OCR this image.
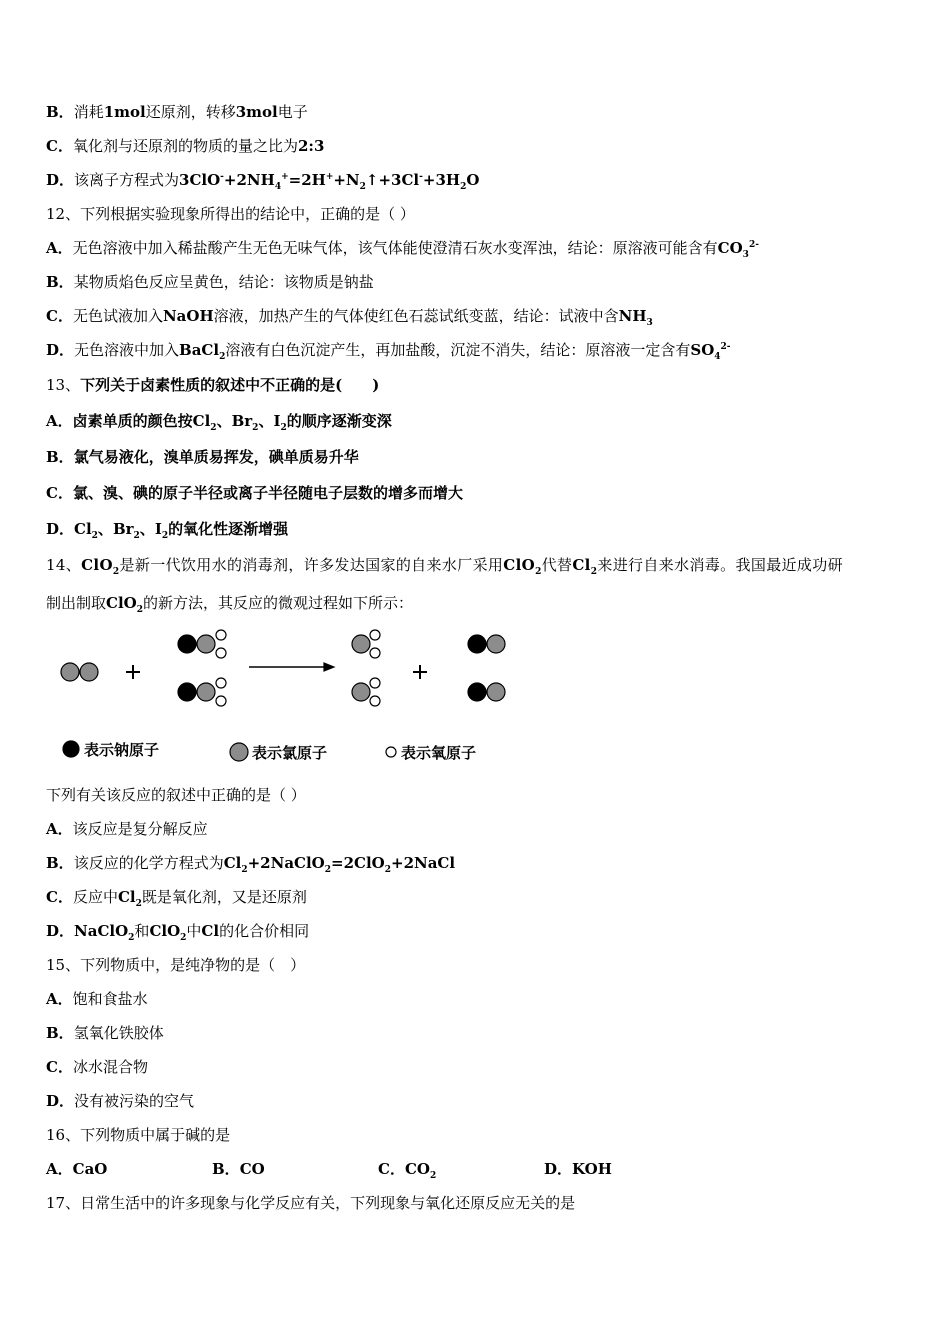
B．消耗1mol还原剂，转移3mol电子
C．氧化剂与还原剂的物质的量之比为2:3
D．该离子方程式为$3ClO^-+2NH_4^+=2H^++N_2↑+3Cl^-+3H_2O$
12、下列根据实验现象所得出的结论中，正确的是（ ）
A．无色溶液中加入稀盐酸产生无色无味气体，该气体能使澄清石灰水变浑浊，结论：原溶液可能含有$CO_3^{2-}$
B．某物质焰色反应呈黄色，结论：该物质是钠盐
C．无色试液加入NaOH溶液，加热产生的气体使红色石蕊试纸变蓝，结论：试液中含$NH_3$
D．无色溶液中加入BaCl$_2$溶液有白色沉淀产生，再加盐酸，沉淀不消失，结论：原溶液一定含有$SO_4^{2-}$
13、下列关于卤素性质的叙述中不正确的是(　　)
A．卤素单质的颜色按$Cl_2$、$Br_2$、$I_2$的顺序逐渐变深
B．氯气易液化，溴单质易挥发，碘单质易升华
C．氯、溴、碘的原子半径或离子半径随电子层数的增多而增大
D．$Cl_2$、$Br_2$、$I_2$的氧化性逐渐增强
14、ClO$_2$是新一代饮用水的消毒剂，许多发达国家的自来水厂采用ClO$_2$代替$Cl_2$来进行自来水消毒。我国最近成功研
制出制取ClO$_2$的新方法，其反应的微观过程如下所示：
表示钠原子	表示氯原子	表示氧原子
下列有关该反应的叙述中正确的是（ ）
A．该反应是复分解反应
B．该反应的化学方程式为$Cl_2+2NaClO_2=2ClO_2+2NaCl$
C．反应中$Cl_2$既是氧化剂，又是还原剂
D．NaClO$_2$和ClO$_2$中Cl的化合价相同
15、下列物质中，是纯净物的是（　）
A．饱和食盐水
B．氢氧化铁胶体
C．冰水混合物
D．没有被污染的空气
16、下列物质中属于碱的是
A．CaO	B．CO	C．$CO_2$	D．KOH
17、日常生活中的许多现象与化学反应有关，下列现象与氧化还原反应无关的是
